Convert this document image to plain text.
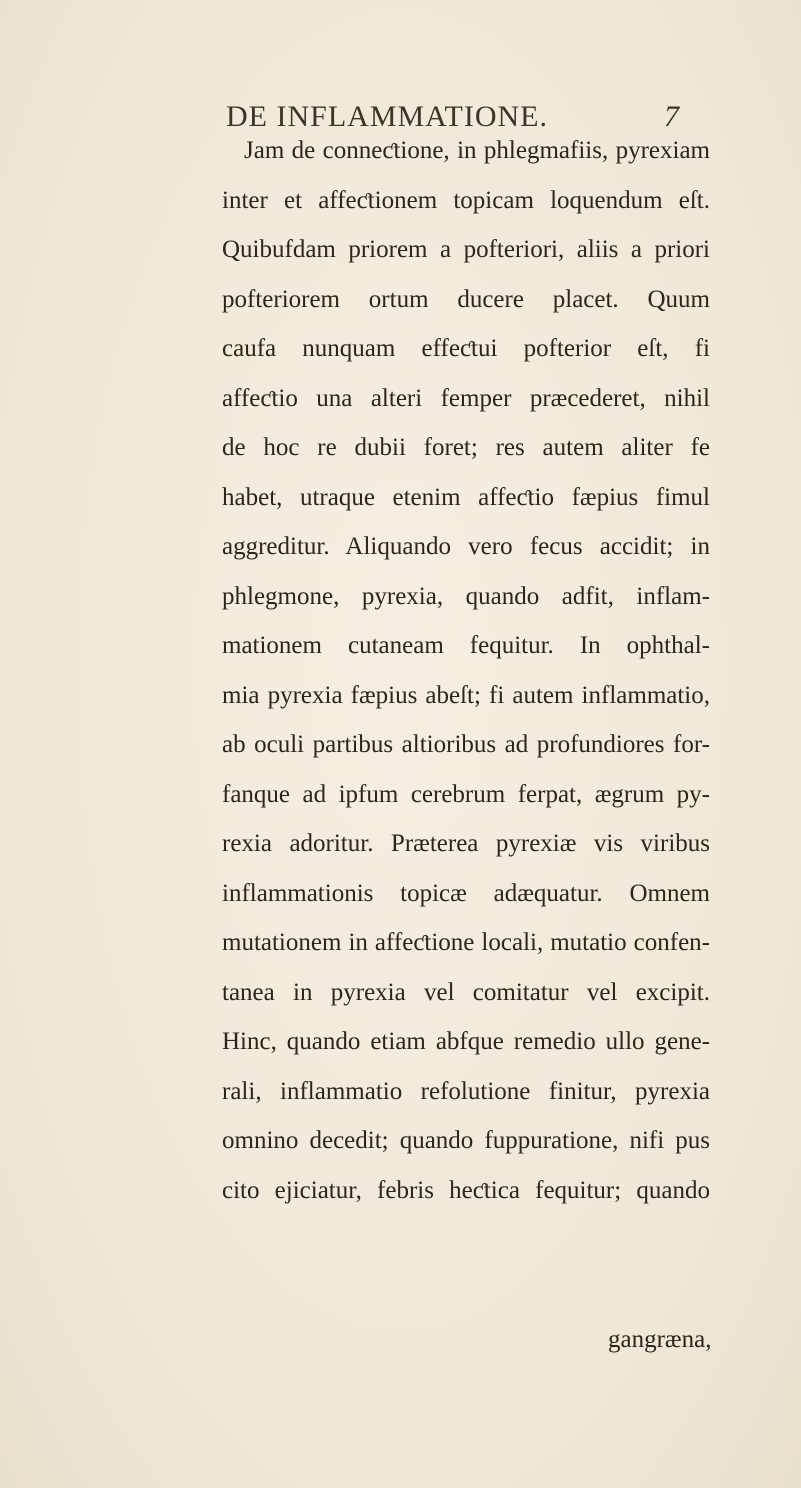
DE INFLAMMATIONE.	7
Jam de conneƈtione, in phlegmafiis, pyrexiam
inter et affeƈtionem topicam loquendum eſt.
Quibufdam priorem a pofteriori, aliis a priori
pofteriorem ortum ducere placet. Quum
caufa nunquam effeƈtui pofterior eſt, fi
affeƈtio una alteri femper præcederet, nihil
de hoc re dubii foret; res autem aliter fe
habet, utraque etenim affeƈtio fæpius fimul
aggreditur. Aliquando vero fecus accidit; in
phlegmone, pyrexia, quando adfit, inflam-
mationem cutaneam fequitur. In ophthal-
mia pyrexia fæpius abeſt; fi autem inflammatio,
ab oculi partibus altioribus ad profundiores for-
fanque ad ipfum cerebrum ferpat, ægrum py-
rexia adoritur. Præterea pyrexiæ vis viribus
inflammationis topicæ adæquatur. Omnem
mutationem in affeƈtione locali, mutatio confen-
tanea in pyrexia vel comitatur vel excipit.
Hinc, quando etiam abfque remedio ullo gene-
rali, inflammatio refolutione finitur, pyrexia
omnino decedit; quando fuppuratione, nifi pus
cito ejiciatur, febris heƈtica fequitur; quando
gangræna,
